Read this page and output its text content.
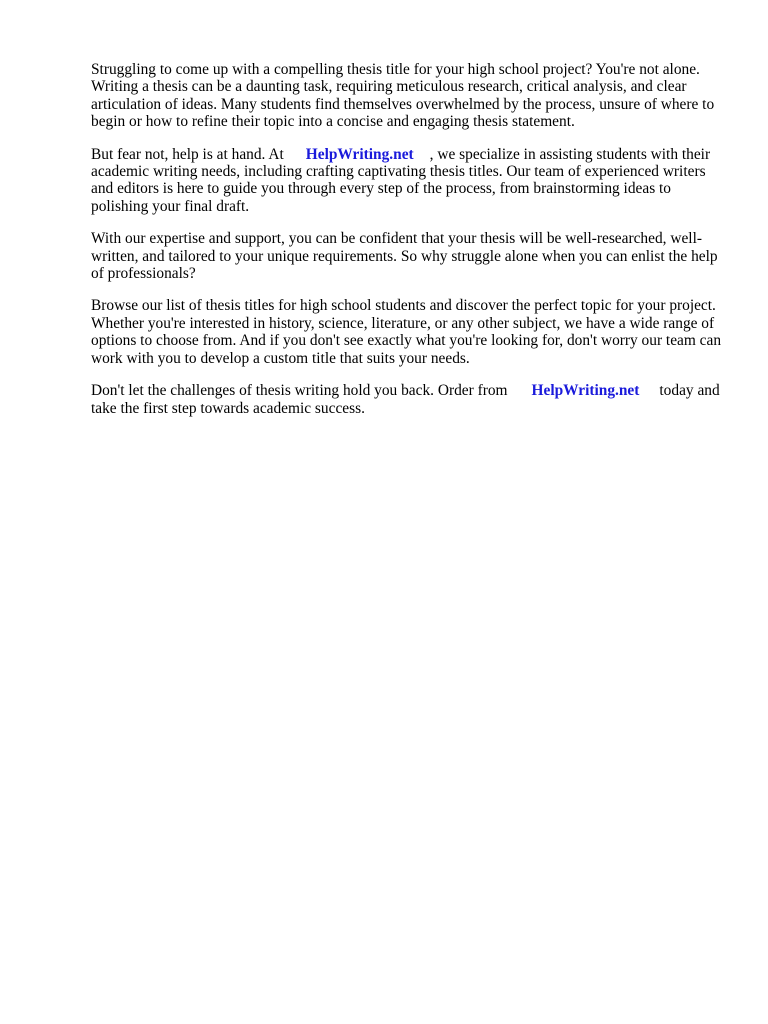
Struggling to come up with a compelling thesis title for your high school project? You're not alone. Writing a thesis can be a daunting task, requiring meticulous research, critical analysis, and clear articulation of ideas. Many students find themselves overwhelmed by the process, unsure of where to begin or how to refine their topic into a concise and engaging thesis statement.

But fear not, help is at hand. At HelpWriting.net , we specialize in assisting students with their academic writing needs, including crafting captivating thesis titles. Our team of experienced writers and editors is here to guide you through every step of the process, from brainstorming ideas to polishing your final draft.

With our expertise and support, you can be confident that your thesis will be well-researched, well-written, and tailored to your unique requirements. So why struggle alone when you can enlist the help of professionals?

Browse our list of thesis titles for high school students and discover the perfect topic for your project. Whether you're interested in history, science, literature, or any other subject, we have a wide range of options to choose from. And if you don't see exactly what you're looking for, don't worry our team can work with you to develop a custom title that suits your needs.

Don't let the challenges of thesis writing hold you back. Order from HelpWriting.net today and take the first step towards academic success.
